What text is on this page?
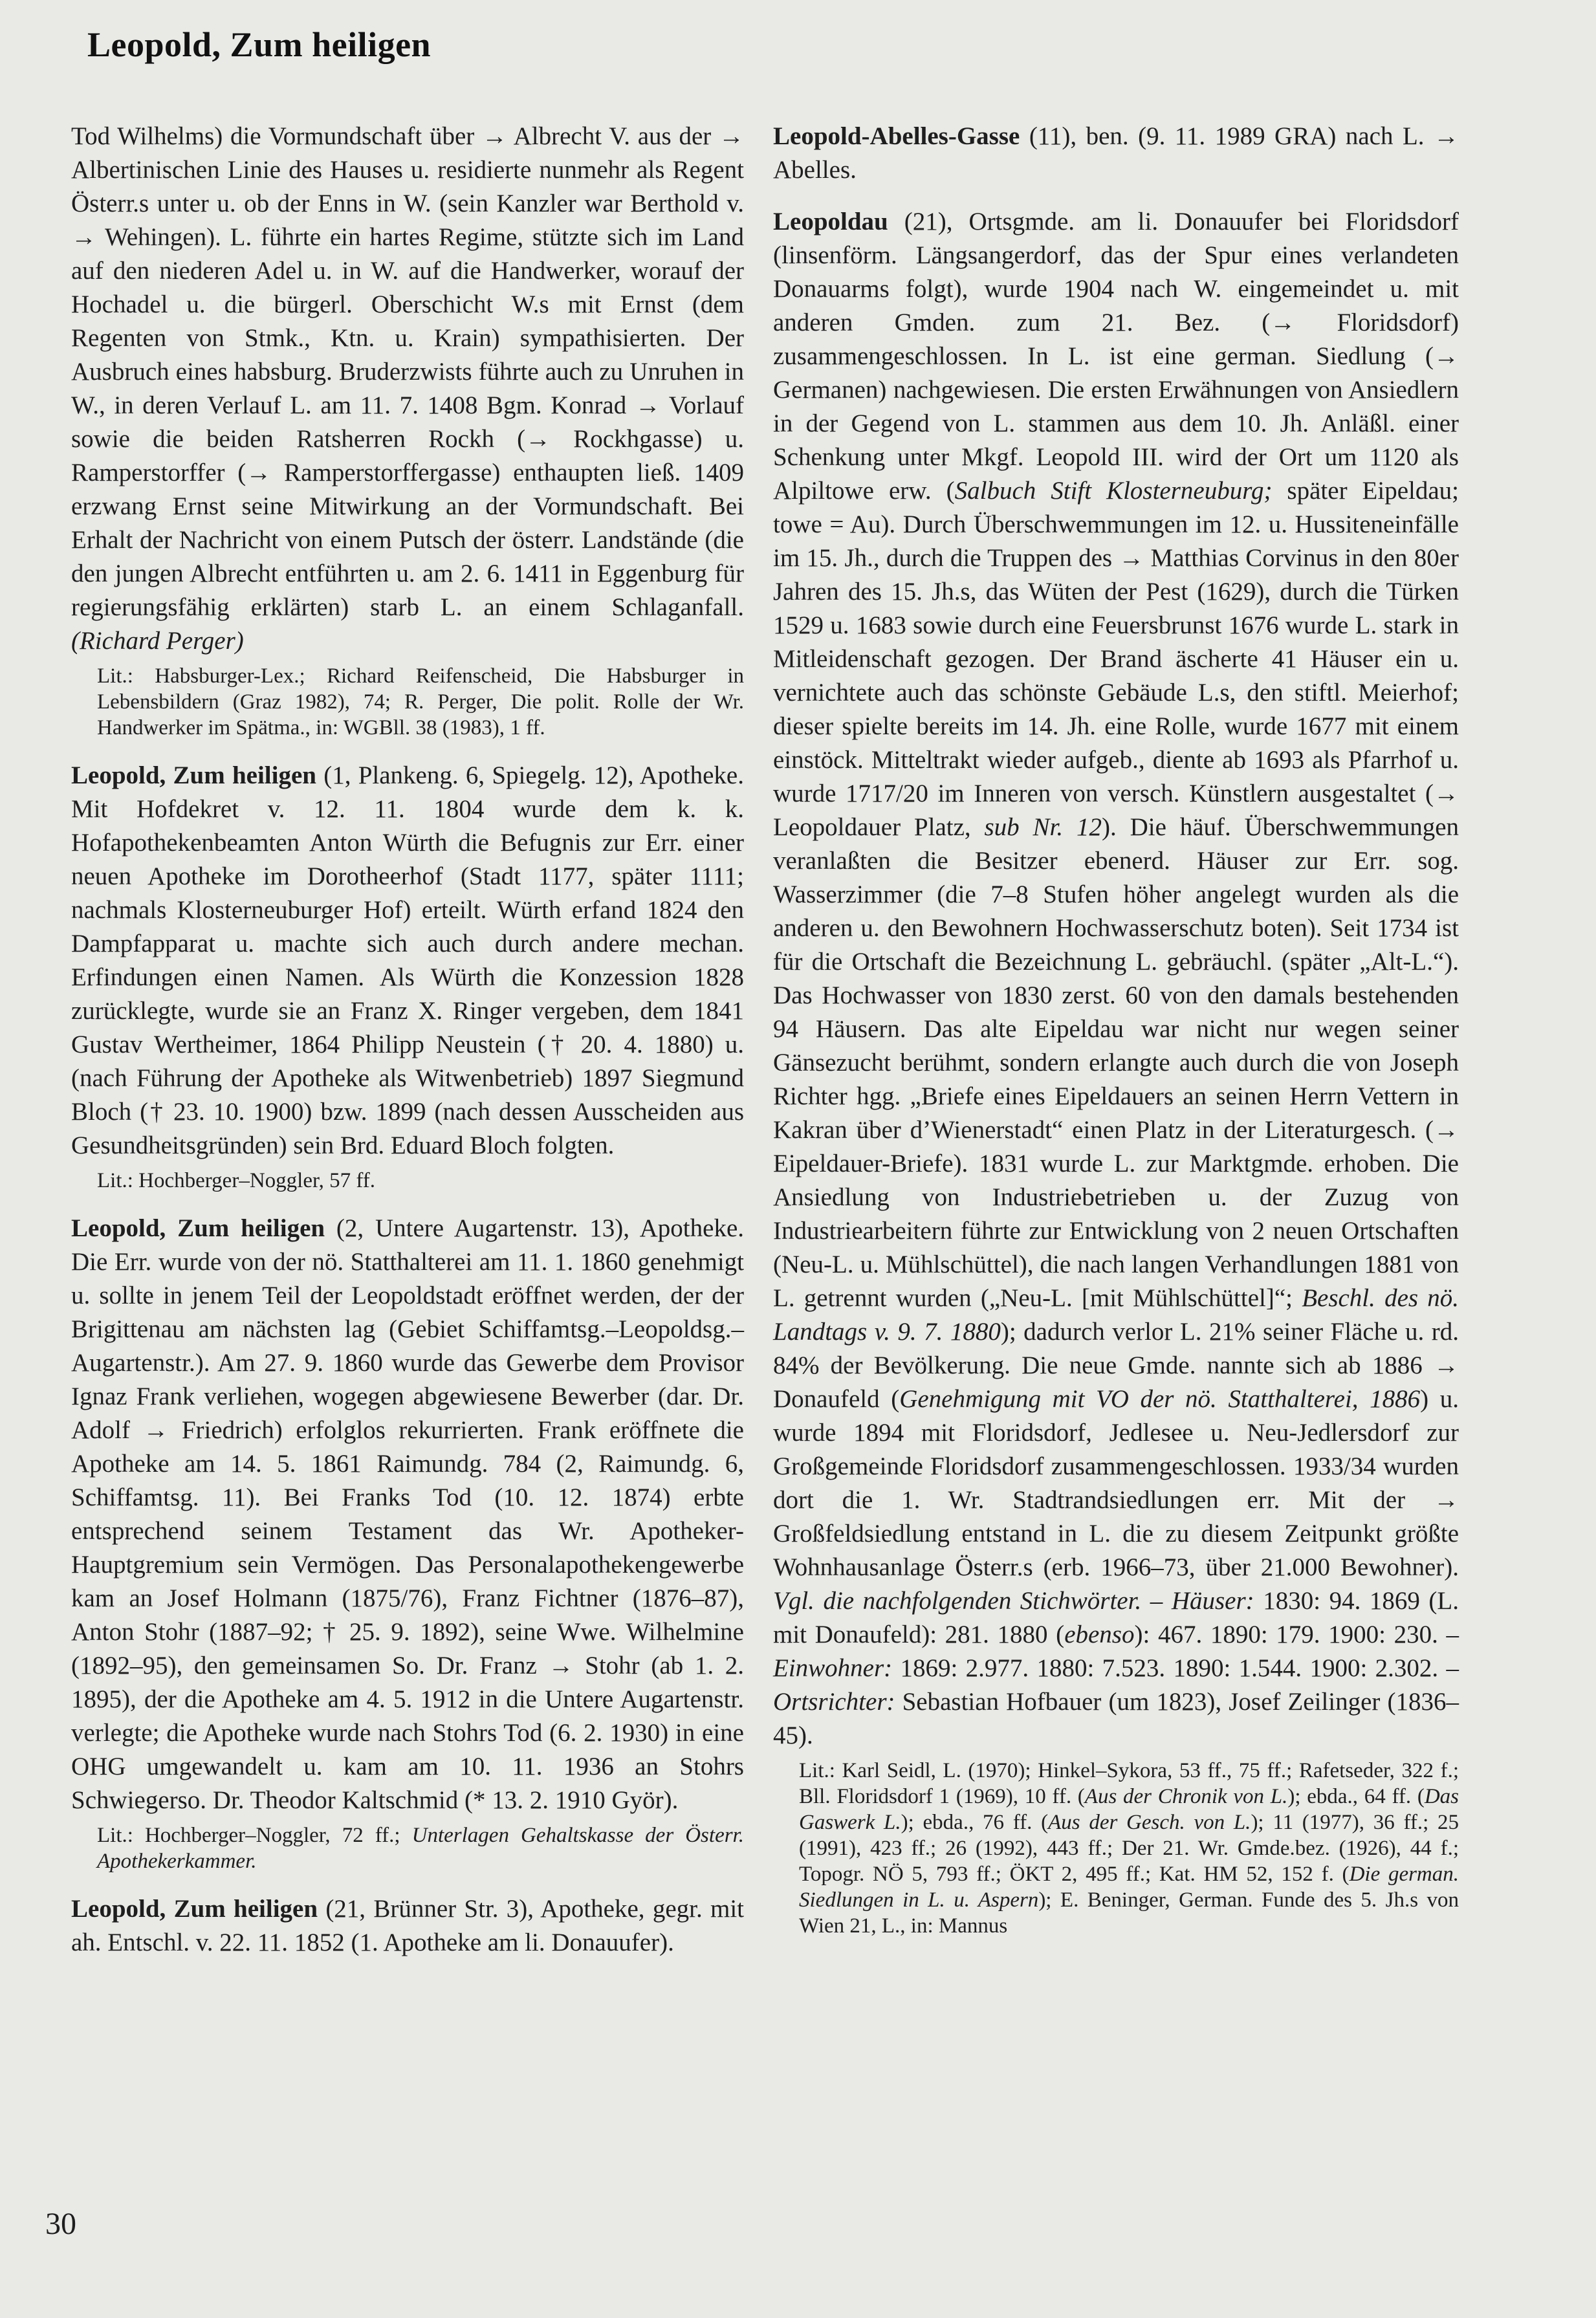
Leopold, Zum heiligen

Tod Wilhelms) die Vormundschaft über → Albrecht V. aus der → Albertinischen Linie des Hauses u. residierte nunmehr als Regent Österr.s unter u. ob der Enns in W. (sein Kanzler war Berthold v. → Wehingen). L. führte ein hartes Regime, stützte sich im Land auf den niederen Adel u. in W. auf die Handwerker, worauf der Hochadel u. die bürgerl. Oberschicht W.s mit Ernst (dem Regenten von Stmk., Ktn. u. Krain) sympathisierten. Der Ausbruch eines habsburg. Bruderzwists führte auch zu Unruhen in W., in deren Verlauf L. am 11. 7. 1408 Bgm. Konrad → Vorlauf sowie die beiden Ratsherren Rockh (→ Rockhgasse) u. Ramperstorffer (→ Ramperstorffergasse) enthaupten ließ. 1409 erzwang Ernst seine Mitwirkung an der Vormundschaft. Bei Erhalt der Nachricht von einem Putsch der österr. Landstände (die den jungen Albrecht entführten u. am 2. 6. 1411 in Eggenburg für regierungsfähig erklärten) starb L. an einem Schlaganfall. (Richard Perger)

Lit.: Habsburger-Lex.; Richard Reifenscheid, Die Habsburger in Lebensbildern (Graz 1982), 74; R. Perger, Die polit. Rolle der Wr. Handwerker im Spätma., in: WGBll. 38 (1983), 1 ff.

Leopold, Zum heiligen (1, Plankeng. 6, Spiegelg. 12), Apotheke. Mit Hofdekret v. 12. 11. 1804 wurde dem k. k. Hofapothekenbeamten Anton Würth die Befugnis zur Err. einer neuen Apotheke im Dorotheerhof (Stadt 1177, später 1111; nachmals Klosterneuburger Hof) erteilt. Würth erfand 1824 den Dampfapparat u. machte sich auch durch andere mechan. Erfindungen einen Namen. Als Würth die Konzession 1828 zurücklegte, wurde sie an Franz X. Ringer vergeben, dem 1841 Gustav Wertheimer, 1864 Philipp Neustein († 20. 4. 1880) u. (nach Führung der Apotheke als Witwenbetrieb) 1897 Siegmund Bloch († 23. 10. 1900) bzw. 1899 (nach dessen Ausscheiden aus Gesundheitsgründen) sein Brd. Eduard Bloch folgten.

Lit.: Hochberger–Noggler, 57 ff.

Leopold, Zum heiligen (2, Untere Augartenstr. 13), Apotheke. Die Err. wurde von der nö. Statthalterei am 11. 1. 1860 genehmigt u. sollte in jenem Teil der Leopoldstadt eröffnet werden, der der Brigittenau am nächsten lag (Gebiet Schiffamtsg.–Leopoldsg.–Augartenstr.). Am 27. 9. 1860 wurde das Gewerbe dem Provisor Ignaz Frank verliehen, wogegen abgewiesene Bewerber (dar. Dr. Adolf → Friedrich) erfolglos rekurrierten. Frank eröffnete die Apotheke am 14. 5. 1861 Raimundg. 784 (2, Raimundg. 6, Schiffamtsg. 11). Bei Franks Tod (10. 12. 1874) erbte entsprechend seinem Testament das Wr. Apotheker-Hauptgremium sein Vermögen. Das Personalapothekengewerbe kam an Josef Holmann (1875/76), Franz Fichtner (1876–87), Anton Stohr (1887–92; † 25. 9. 1892), seine Wwe. Wilhelmine (1892–95), den gemeinsamen So. Dr. Franz → Stohr (ab 1. 2. 1895), der die Apotheke am 4. 5. 1912 in die Untere Augartenstr. verlegte; die Apotheke wurde nach Stohrs Tod (6. 2. 1930) in eine OHG umgewandelt u. kam am 10. 11. 1936 an Stohrs Schwiegerso. Dr. Theodor Kaltschmid (* 13. 2. 1910 Györ).

Lit.: Hochberger–Noggler, 72 ff.; Unterlagen Gehaltskasse der Österr. Apothekerkammer.

Leopold, Zum heiligen (21, Brünner Str. 3), Apotheke, gegr. mit ah. Entschl. v. 22. 11. 1852 (1. Apotheke am li. Donauufer).

Leopold-Abelles-Gasse (11), ben. (9. 11. 1989 GRA) nach L. → Abelles.

Leopoldau (21), Ortsgmde. am li. Donauufer bei Floridsdorf (linsenförm. Längsangerdorf, das der Spur eines verlandeten Donauarms folgt), wurde 1904 nach W. eingemeindet u. mit anderen Gmden. zum 21. Bez. (→ Floridsdorf) zusammengeschlossen. In L. ist eine german. Siedlung (→ Germanen) nachgewiesen. Die ersten Erwähnungen von Ansiedlern in der Gegend von L. stammen aus dem 10. Jh. Anläßl. einer Schenkung unter Mkgf. Leopold III. wird der Ort um 1120 als Alpiltowe erw. (Salbuch Stift Klosterneuburg; später Eipeldau; towe = Au). Durch Überschwemmungen im 12. u. Hussiteneinfälle im 15. Jh., durch die Truppen des → Matthias Corvinus in den 80er Jahren des 15. Jh.s, das Wüten der Pest (1629), durch die Türken 1529 u. 1683 sowie durch eine Feuersbrunst 1676 wurde L. stark in Mitleidenschaft gezogen. Der Brand äscherte 41 Häuser ein u. vernichtete auch das schönste Gebäude L.s, den stiftl. Meierhof; dieser spielte bereits im 14. Jh. eine Rolle, wurde 1677 mit einem einstöck. Mitteltrakt wieder aufgeb., diente ab 1693 als Pfarrhof u. wurde 1717/20 im Inneren von versch. Künstlern ausgestaltet (→ Leopoldauer Platz, sub Nr. 12). Die häuf. Überschwemmungen veranlaßten die Besitzer ebenerd. Häuser zur Err. sog. Wasserzimmer (die 7–8 Stufen höher angelegt wurden als die anderen u. den Bewohnern Hochwasserschutz boten). Seit 1734 ist für die Ortschaft die Bezeichnung L. gebräuchl. (später „Alt-L.“). Das Hochwasser von 1830 zerst. 60 von den damals bestehenden 94 Häusern. Das alte Eipeldau war nicht nur wegen seiner Gänsezucht berühmt, sondern erlangte auch durch die von Joseph Richter hgg. „Briefe eines Eipeldauers an seinen Herrn Vettern in Kakran über d’Wienerstadt“ einen Platz in der Literaturgesch. (→ Eipeldauer-Briefe). 1831 wurde L. zur Marktgmde. erhoben. Die Ansiedlung von Industriebetrieben u. der Zuzug von Industriearbeitern führte zur Entwicklung von 2 neuen Ortschaften (Neu-L. u. Mühlschüttel), die nach langen Verhandlungen 1881 von L. getrennt wurden („Neu-L. [mit Mühlschüttel]“; Beschl. des nö. Landtags v. 9. 7. 1880); dadurch verlor L. 21% seiner Fläche u. rd. 84% der Bevölkerung. Die neue Gmde. nannte sich ab 1886 → Donaufeld (Genehmigung mit VO der nö. Statthalterei, 1886) u. wurde 1894 mit Floridsdorf, Jedlesee u. Neu-Jedlersdorf zur Großgemeinde Floridsdorf zusammengeschlossen. 1933/34 wurden dort die 1. Wr. Stadtrandsiedlungen err. Mit der → Großfeldsiedlung entstand in L. die zu diesem Zeitpunkt größte Wohnhausanlage Österr.s (erb. 1966–73, über 21.000 Bewohner). Vgl. die nachfolgenden Stichwörter. – Häuser: 1830: 94. 1869 (L. mit Donaufeld): 281. 1880 (ebenso): 467. 1890: 179. 1900: 230. – Einwohner: 1869: 2.977. 1880: 7.523. 1890: 1.544. 1900: 2.302. – Ortsrichter: Sebastian Hofbauer (um 1823), Josef Zeilinger (1836–45).

Lit.: Karl Seidl, L. (1970); Hinkel–Sykora, 53 ff., 75 ff.; Rafetseder, 322 f.; Bll. Floridsdorf 1 (1969), 10 ff. (Aus der Chronik von L.); ebda., 64 ff. (Das Gaswerk L.); ebda., 76 ff. (Aus der Gesch. von L.); 11 (1977), 36 ff.; 25 (1991), 423 ff.; 26 (1992), 443 ff.; Der 21. Wr. Gmde.bez. (1926), 44 f.; Topogr. NÖ 5, 793 ff.; ÖKT 2, 495 ff.; Kat. HM 52, 152 f. (Die german. Siedlungen in L. u. Aspern); E. Beninger, German. Funde des 5. Jh.s von Wien 21, L., in: Mannus

30
